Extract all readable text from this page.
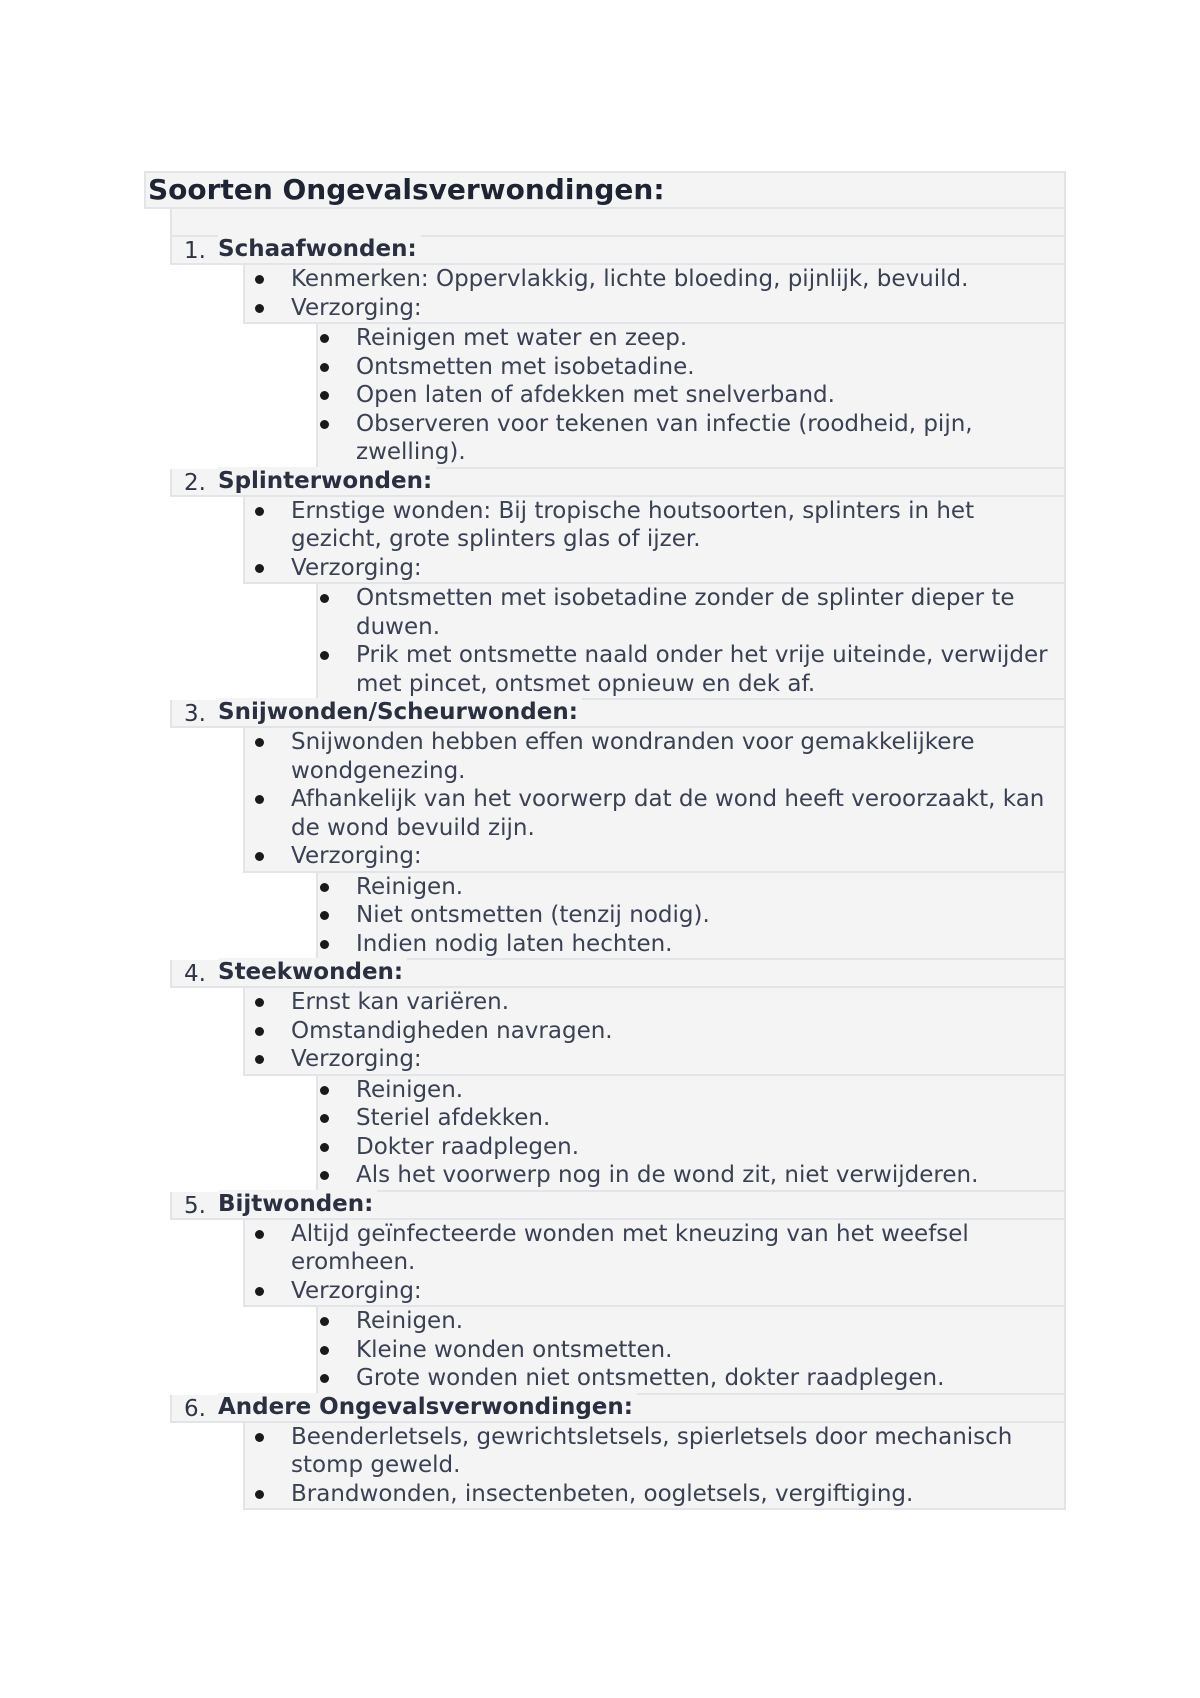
Soorten Ongevalsverwondingen:
1. Schaafwonden:
Kenmerken: Oppervlakkig, lichte bloeding, pijnlijk, bevuild.
Verzorging:
Reinigen met water en zeep.
Ontsmetten met isobetadine.
Open laten of afdekken met snelverband.
Observeren voor tekenen van infectie (roodheid, pijn, zwelling).
2. Splinterwonden:
Ernstige wonden: Bij tropische houtsoorten, splinters in het gezicht, grote splinters glas of ijzer.
Verzorging:
Ontsmetten met isobetadine zonder de splinter dieper te duwen.
Prik met ontsmette naald onder het vrije uiteinde, verwijder met pincet, ontsmet opnieuw en dek af.
3. Snijwonden/Scheurwonden:
Snijwonden hebben effen wondranden voor gemakkelijkere wondgenezing.
Afhankelijk van het voorwerp dat de wond heeft veroorzaakt, kan de wond bevuild zijn.
Verzorging:
Reinigen.
Niet ontsmetten (tenzij nodig).
Indien nodig laten hechten.
4. Steekwonden:
Ernst kan variëren.
Omstandigheden navragen.
Verzorging:
Reinigen.
Steriel afdekken.
Dokter raadplegen.
Als het voorwerp nog in de wond zit, niet verwijderen.
5. Bijtwonden:
Altijd geïnfecteerde wonden met kneuzing van het weefsel eromheen.
Verzorging:
Reinigen.
Kleine wonden ontsmetten.
Grote wonden niet ontsmetten, dokter raadplegen.
6. Andere Ongevalsverwondingen:
Beenderletsels, gewrichtsletsels, spierletsels door mechanisch stomp geweld.
Brandwonden, insectenbeten, oogletsels, vergiftiging.
